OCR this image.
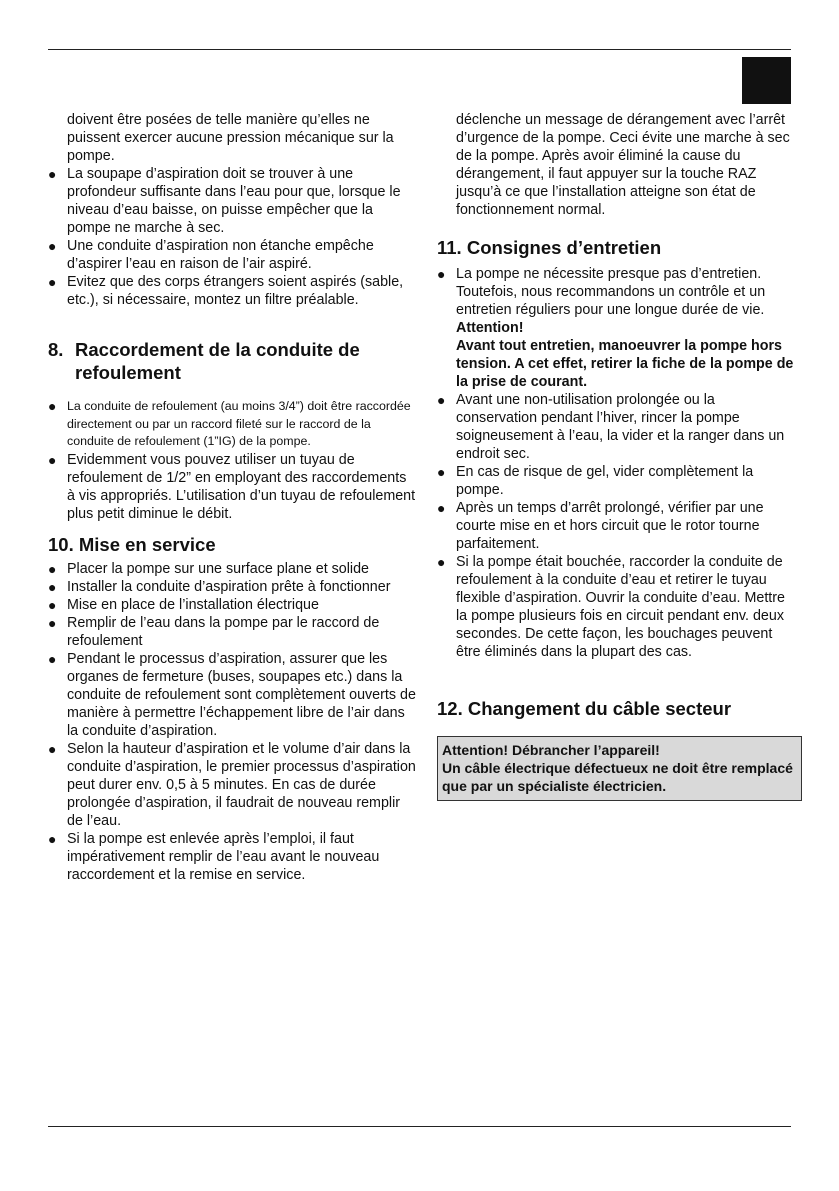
doivent être posées de telle manière qu’elles ne puissent exercer aucune pression mécanique sur la pompe.
● La soupape d’aspiration doit se trouver à une profondeur suffisante dans l’eau pour que, lorsque le niveau d’eau baisse, on puisse empêcher que la pompe ne marche à sec.
● Une conduite d’aspiration non étanche empêche d’aspirer l’eau en raison de l’air aspiré.
● Evitez que des corps étrangers soient aspirés (sable, etc.), si nécessaire, montez un filtre préalable.
8. Raccordement de la conduite de
refoulement
● La conduite de refoulement (au moins 3/4”) doit être raccordée directement ou par un raccord fileté sur le raccord de la conduite de refoulement (1”IG) de la pompe.
● Evidemment vous pouvez utiliser un tuyau de refoulement de 1/2” en employant des raccordements à vis appropriés. L’utilisation d’un tuyau de refoulement plus petit diminue le débit.
10. Mise en service
● Placer la pompe sur une surface plane et solide
● Installer la conduite d’aspiration prête à fonctionner
● Mise en place de l’installation électrique
● Remplir de l’eau dans la pompe par le raccord de refoulement
● Pendant le processus d’aspiration, assurer que les organes de fermeture (buses, soupapes etc.) dans la conduite de refoulement sont complètement ouverts de manière à permettre l’échappement libre de l’air dans la conduite d’aspiration.
● Selon la hauteur d’aspiration et le volume d’air dans la conduite d’aspiration, le premier processus d’aspiration peut durer env. 0,5 à 5 minutes. En cas de durée prolongée d’aspiration, il faudrait de nouveau remplir de l’eau.
● Si la pompe est enlevée après l’emploi, il faut impérativement remplir de l’eau avant le nouveau raccordement et la remise en service.
déclenche un message de dérangement avec l’arrêt d’urgence de la pompe. Ceci évite une marche à sec de la pompe. Après avoir éliminé la cause du dérangement, il faut appuyer sur la touche RAZ jusqu’à ce que l’installation atteigne son état de fonctionnement normal.
11. Consignes d’entretien
● La pompe ne nécessite presque pas d’entretien. Toutefois, nous recommandons un contrôle et un entretien réguliers pour une longue durée de vie.
Attention!
Avant tout entretien, manoeuvrer la pompe hors tension. A cet effet, retirer la fiche de la pompe de la prise de courant.
● Avant une non-utilisation prolongée ou la conservation pendant l’hiver, rincer la pompe soigneusement à l’eau, la vider et la ranger dans un endroit sec.
● En cas de risque de gel, vider complètement la pompe.
● Après un temps d’arrêt prolongé, vérifier par une courte mise en et hors circuit que le rotor tourne parfaitement.
● Si la pompe était bouchée, raccorder la conduite de refoulement à la conduite d’eau et retirer le tuyau flexible d’aspiration. Ouvrir la conduite d’eau. Mettre la pompe plusieurs fois en circuit pendant env. deux secondes. De cette façon, les bouchages peuvent être éliminés dans la plupart des cas.
12. Changement du câble secteur
Attention! Débrancher l’appareil!
Un câble électrique défectueux ne doit être remplacé que par un spécialiste électricien.
